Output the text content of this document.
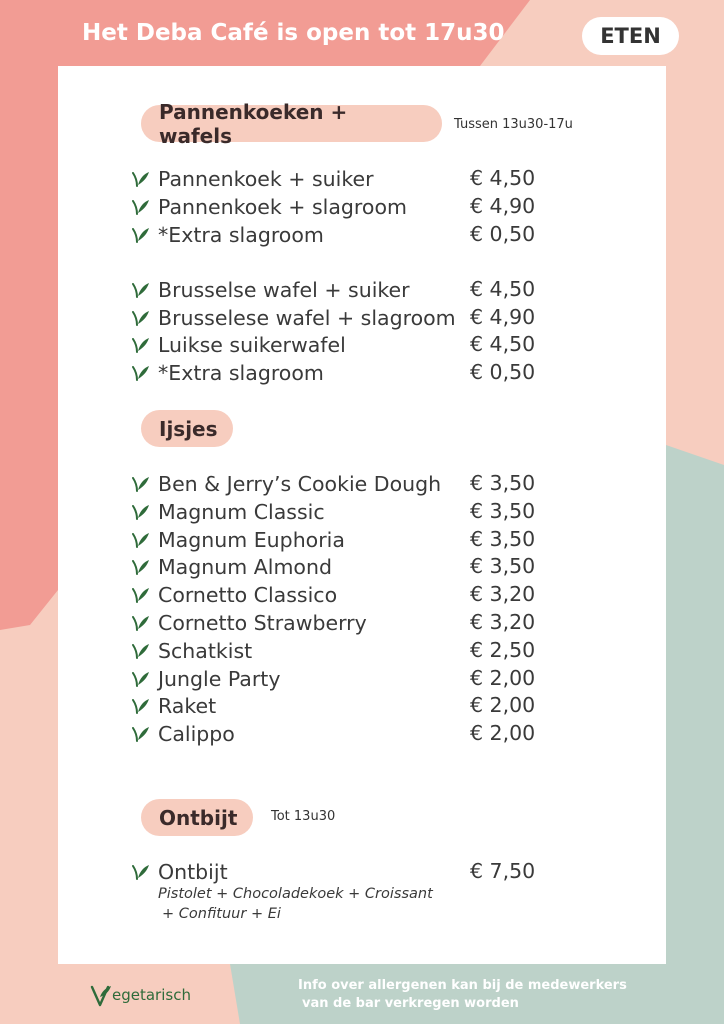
Het Deba Café is open tot 17u30	ETEN
Pannenkoeken + wafels	Tussen 13u30-17u
Ijsjes
Ontbijt	Tot 13u30
Pannenkoek + suiker	€ 4,50
Pannenkoek + slagroom	€ 4,90
*Extra slagroom	€ 0,50
Brusselse wafel + suiker	€ 4,50
Brusselese wafel + slagroom € 4,90
Luikse suikerwafel	€ 4,50
*Extra slagroom	€ 0,50
Ben & Jerry’s Cookie Dough € 3,50
Magnum Classic	€ 3,50
Magnum Euphoria	€ 3,50
Magnum Almond	€ 3,50
Cornetto Classico	€ 3,20
Cornetto Strawberry	€ 3,20
Schatkist	€ 2,50
Jungle Party	€ 2,00
Raket	€ 2,00
Calippo	€ 2,00
Ontbijt	€ 7,50
Pistolet + Chocoladekoek + Croissant
+ Confituur + Ei
egetarisch
Info over allergenen kan bij de medewerkers
van de bar verkregen worden
